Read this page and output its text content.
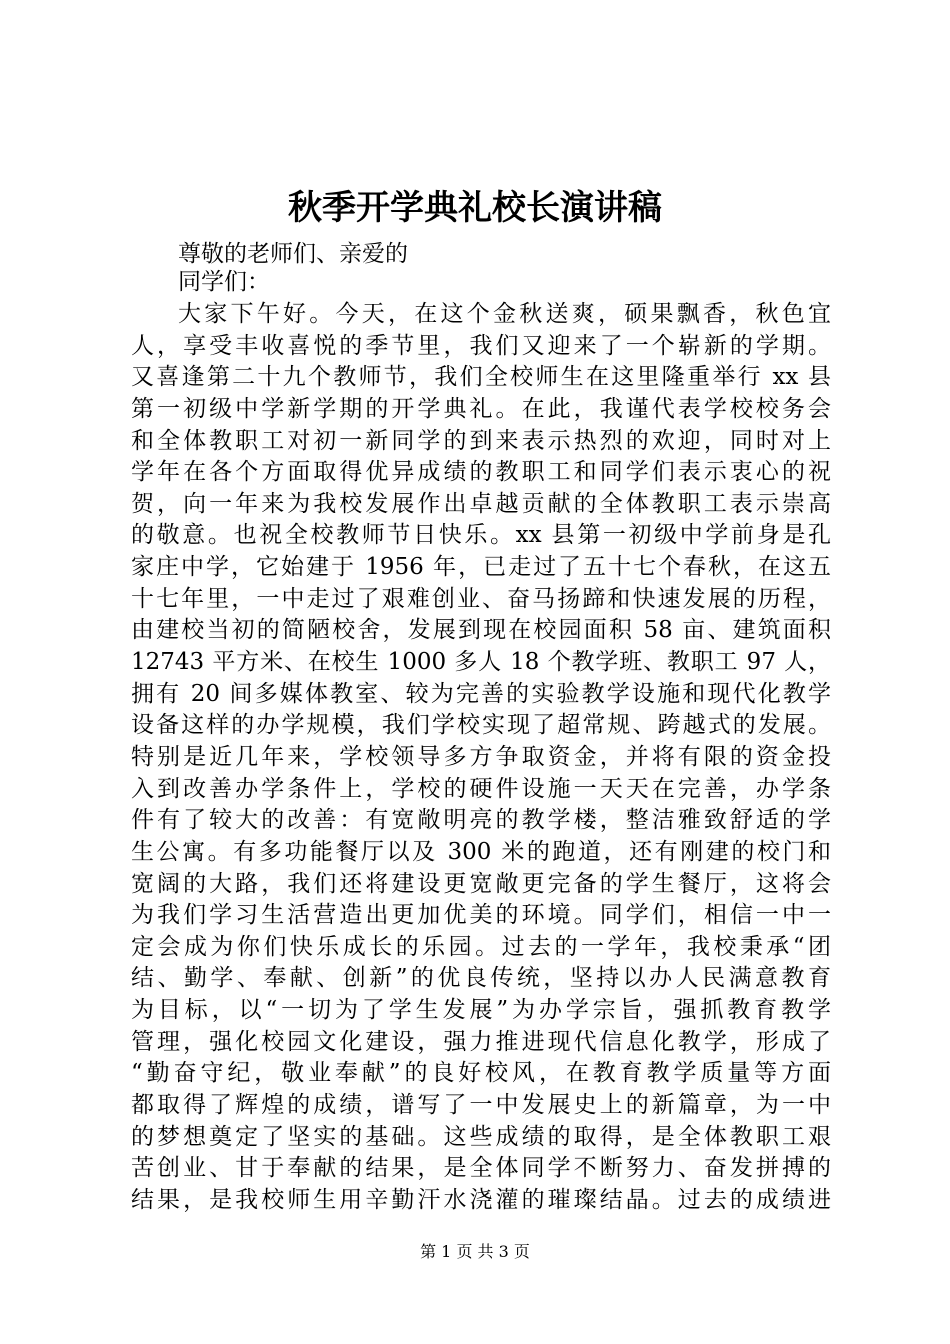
秋季开学典礼校长演讲稿
尊敬的老师们、亲爱的
同学们：
大家下午好。今天，在这个金秋送爽，硕果飘香，秋色宜
人，享受丰收喜悦的季节里，我们又迎来了一个崭新的学期。
又喜逢第二十九个教师节，我们全校师生在这里隆重举行 xx 县
第一初级中学新学期的开学典礼。在此，我谨代表学校校务会
和全体教职工对初一新同学的到来表示热烈的欢迎，同时对上
学年在各个方面取得优异成绩的教职工和同学们表示衷心的祝
贺，向一年来为我校发展作出卓越贡献的全体教职工表示崇高
的敬意。也祝全校教师节日快乐。xx 县第一初级中学前身是孔
家庄中学，它始建于 1956 年，已走过了五十七个春秋，在这五
十七年里，一中走过了艰难创业、奋马扬蹄和快速发展的历程，
由建校当初的简陋校舍，发展到现在校园面积 58 亩、建筑面积
12743 平方米、在校生 1000 多人 18 个教学班、教职工 97 人，
拥有 20 间多媒体教室、较为完善的实验教学设施和现代化教学
设备这样的办学规模，我们学校实现了超常规、跨越式的发展。
特别是近几年来，学校领导多方争取资金，并将有限的资金投
入到改善办学条件上，学校的硬件设施一天天在完善，办学条
件有了较大的改善：有宽敞明亮的教学楼，整洁雅致舒适的学
生公寓。有多功能餐厅以及 300 米的跑道，还有刚建的校门和
宽阔的大路，我们还将建设更宽敞更完备的学生餐厅，这将会
为我们学习生活营造出更加优美的环境。同学们，相信一中一
定会成为你们快乐成长的乐园。过去的一学年，我校秉承“团
结、勤学、奉献、创新”的优良传统，坚持以办人民满意教育
为目标，以“一切为了学生发展”为办学宗旨，强抓教育教学
管理，强化校园文化建设，强力推进现代信息化教学，形成了
“勤奋守纪，敬业奉献”的良好校风，在教育教学质量等方面
都取得了辉煌的成绩，谱写了一中发展史上的新篇章，为一中
的梦想奠定了坚实的基础。这些成绩的取得，是全体教职工艰
苦创业、甘于奉献的结果，是全体同学不断努力、奋发拼搏的
结果，是我校师生用辛勤汗水浇灌的璀璨结晶。过去的成绩进
第 1 页 共 3 页
